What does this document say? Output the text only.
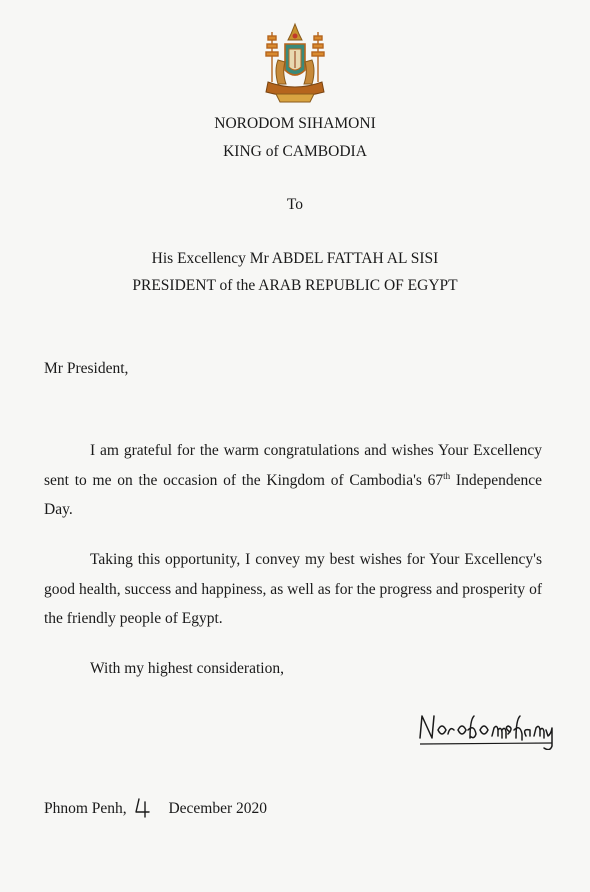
NORODOM SIHAMONI
KING of CAMBODIA
To
His Excellency Mr ABDEL FATTAH AL SISI
PRESIDENT of the ARAB REPUBLIC OF EGYPT
Mr President,

I am grateful for the warm congratulations and wishes Your Excellency sent to me on the occasion of the Kingdom of Cambodia's 67th Independence Day.

Taking this opportunity, I convey my best wishes for Your Excellency's good health, success and happiness, as well as for the progress and prosperity of the friendly people of Egypt.

With my highest consideration,
Phnom Penh,	December 2020
